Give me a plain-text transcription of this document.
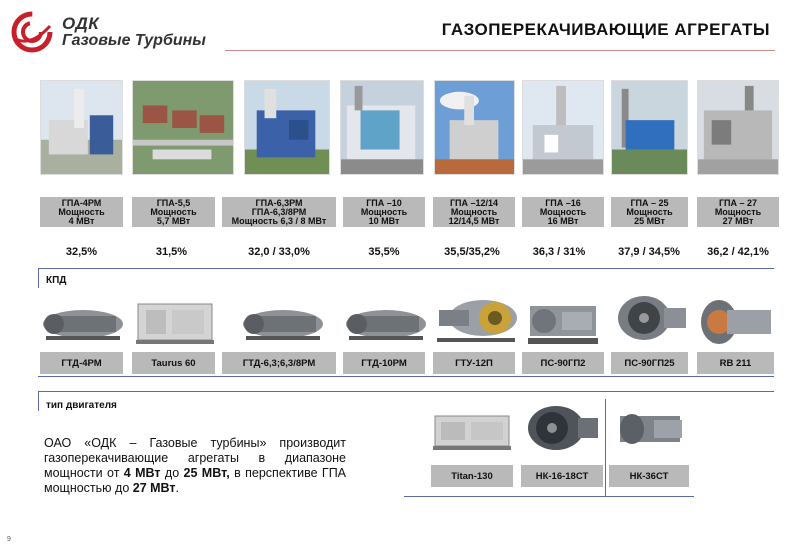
ОДК
Газовые Турбины
ГАЗОПЕРЕКАЧИВАЮЩИЕ АГРЕГАТЫ
ГПА-4РМ
Мощность
4 МВт
ГПА-5,5
Мощность
5,7 МВт
ГПА-6,3РМ
ГПА-6,3/8РМ
Мощность 6,3 / 8 МВт
ГПА –10
Мощность
10 МВт
ГПА –12/14
Мощность
12/14,5 МВт
ГПА –16
Мощность
16 МВт
ГПА – 25
Мощность
25 МВт
ГПА – 27
Мощность
27 МВт
32,5%	31,5%	32,0 / 33,0%	35,5%	35,5/35,2%	36,3 / 31%	37,9 / 34,5%	36,2 / 42,1%
КПД
ГТД-4РМ	Taurus 60	ГТД-6,3;6,3/8РМ	ГТД-10РМ	ГТУ-12П	ПС-90ГП2	ПС-90ГП25	RB 211
тип двигателя
Titan-130	НК-16-18СТ	НК-36СТ
ОАО «ОДК – Газовые турбины» производит газоперекачивающие агрегаты в диапазоне мощности от 4 МВт до 25 МВт, в перспективе ГПА мощностью до 27 МВт.
9
